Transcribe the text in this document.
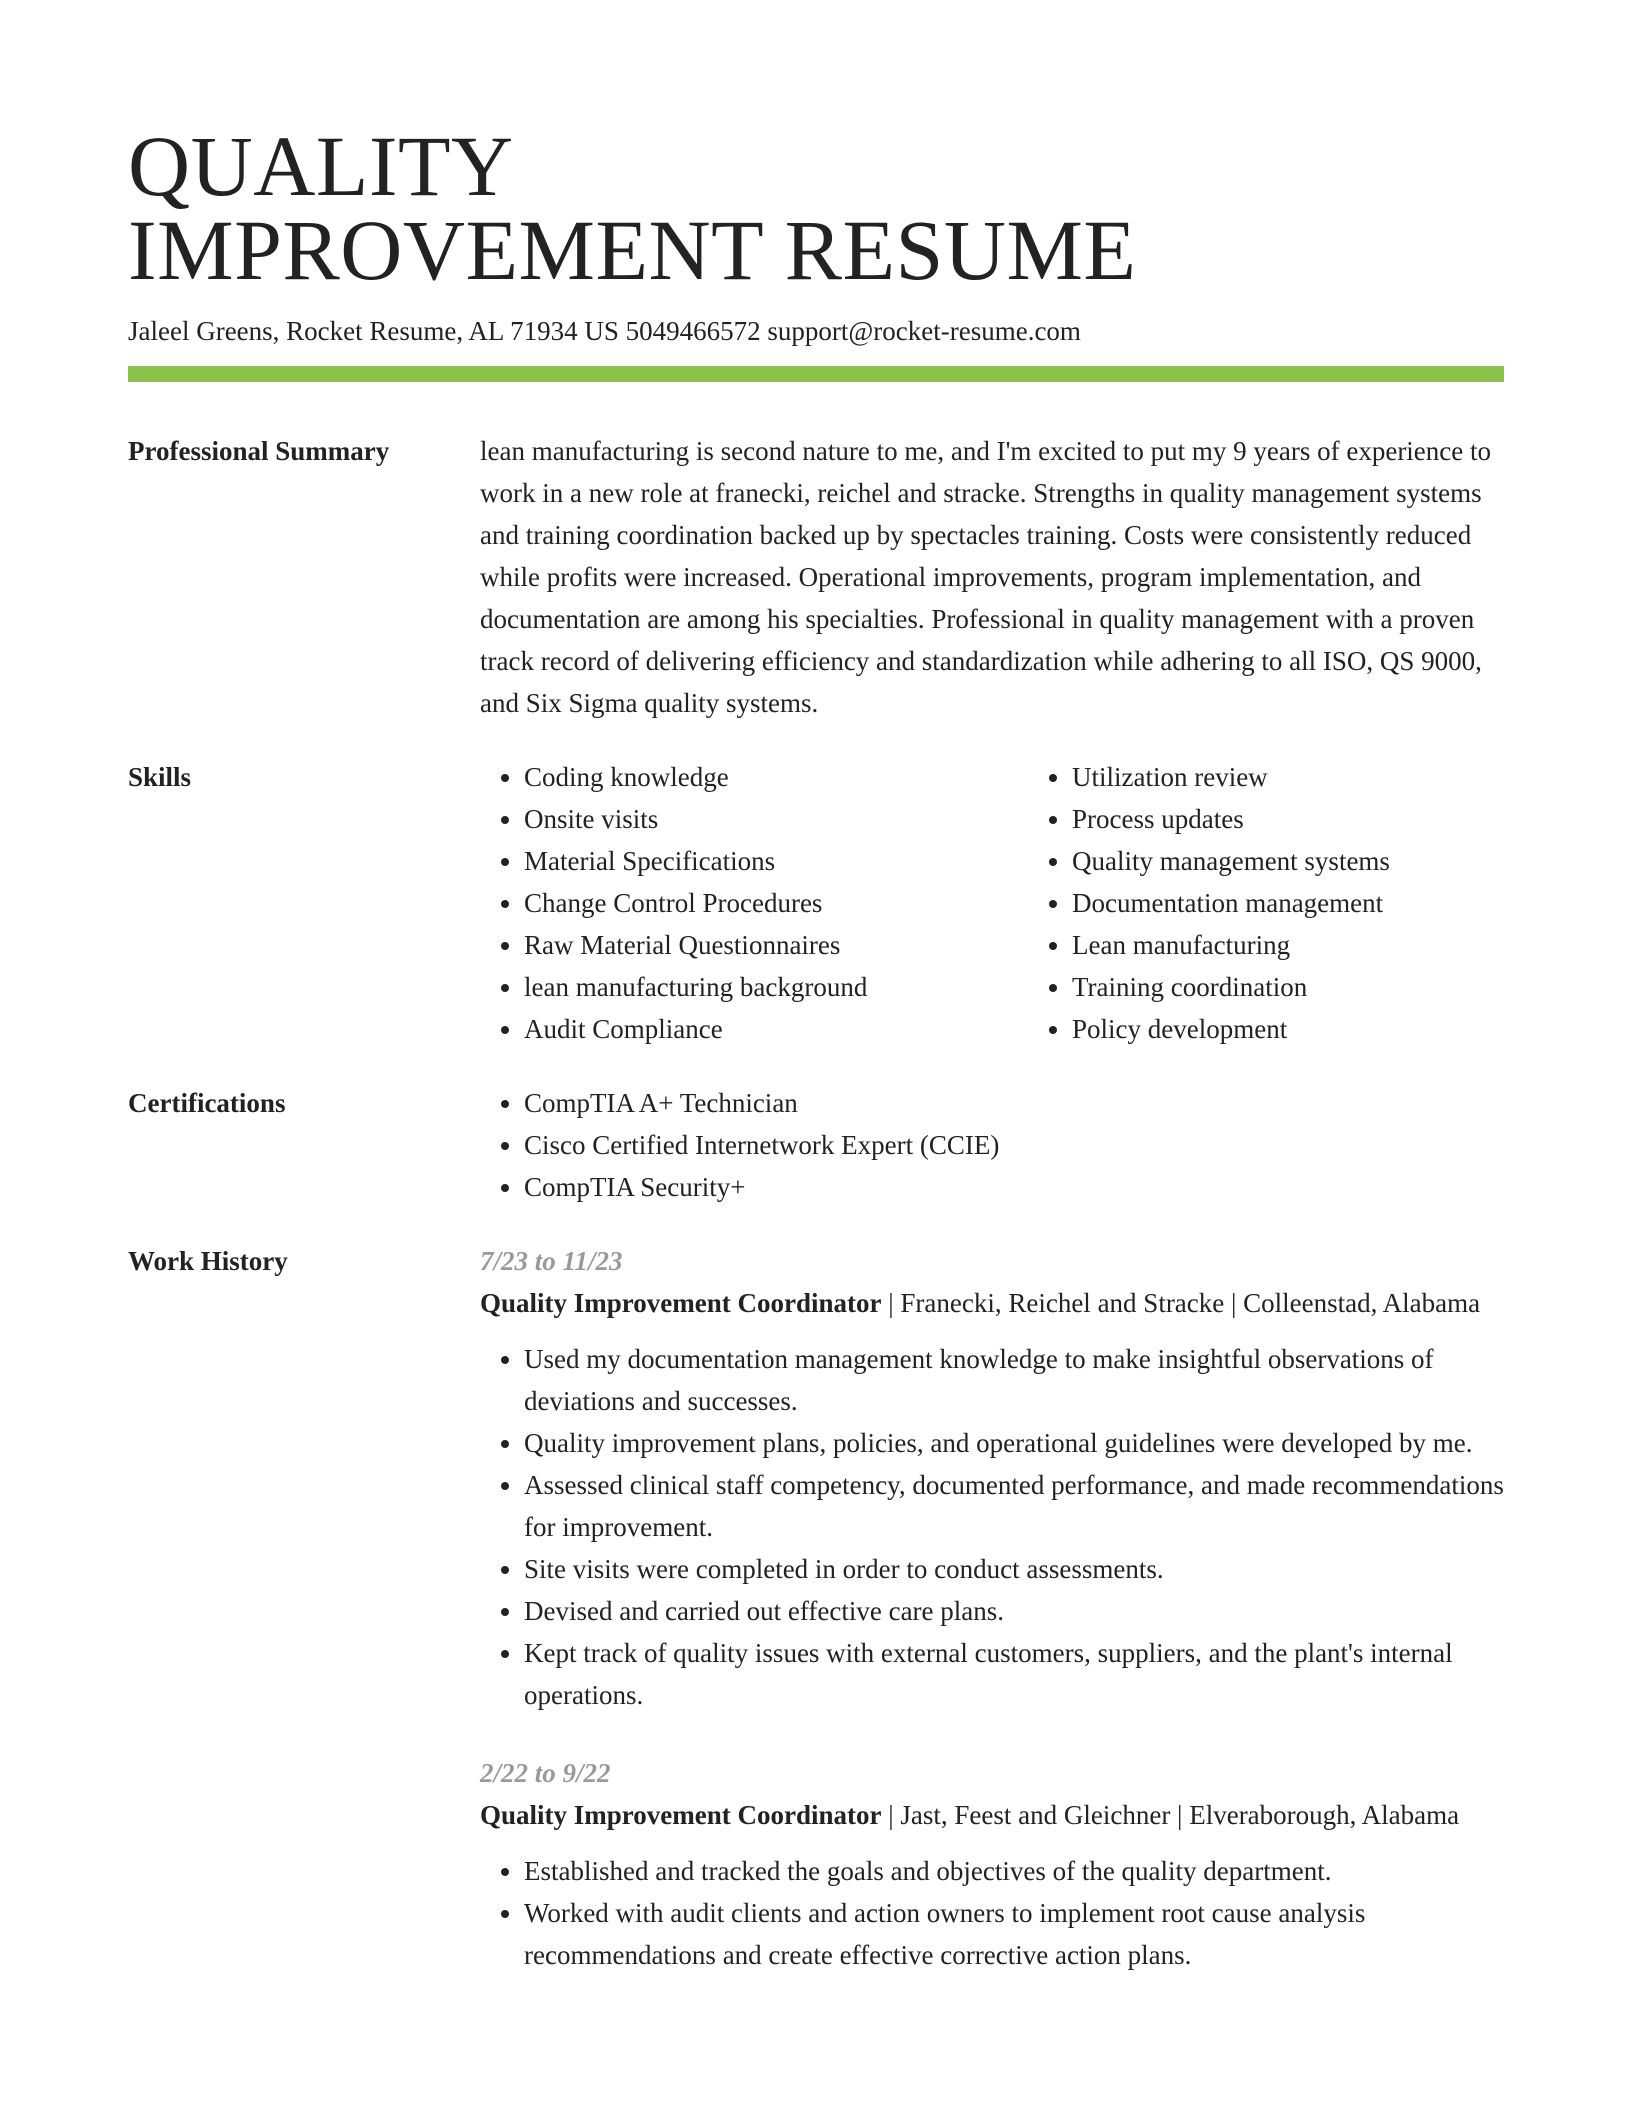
QUALITY
IMPROVEMENT RESUME
Jaleel Greens, Rocket Resume, AL 71934 US 5049466572 support@rocket-resume.com
Professional Summary	lean manufacturing is second nature to me, and I'm excited to put my 9 years of experience to work in a new role at franecki, reichel and stracke. Strengths in quality management systems and training coordination backed up by spectacles training. Costs were consistently reduced while profits were increased. Operational improvements, program implementation, and documentation are among his specialties. Professional in quality management with a proven track record of delivering efficiency and standardization while adhering to all ISO, QS 9000, and Six Sigma quality systems.
Skills	• Coding knowledge
• Onsite visits
• Material Specifications
• Change Control Procedures
• Raw Material Questionnaires
• lean manufacturing background
• Audit Compliance
• Utilization review
• Process updates
• Quality management systems
• Documentation management
• Lean manufacturing
• Training coordination
• Policy development
Certifications	• CompTIA A+ Technician
• Cisco Certified Internetwork Expert (CCIE)
• CompTIA Security+
Work History	7/23 to 11/23
Quality Improvement Coordinator | Franecki, Reichel and Stracke | Colleenstad, Alabama
• Used my documentation management knowledge to make insightful observations of deviations and successes.
• Quality improvement plans, policies, and operational guidelines were developed by me.
• Assessed clinical staff competency, documented performance, and made recommendations for improvement.
• Site visits were completed in order to conduct assessments.
• Devised and carried out effective care plans.
• Kept track of quality issues with external customers, suppliers, and the plant's internal operations.
2/22 to 9/22
Quality Improvement Coordinator | Jast, Feest and Gleichner | Elveraborough, Alabama
• Established and tracked the goals and objectives of the quality department.
• Worked with audit clients and action owners to implement root cause analysis recommendations and create effective corrective action plans.
